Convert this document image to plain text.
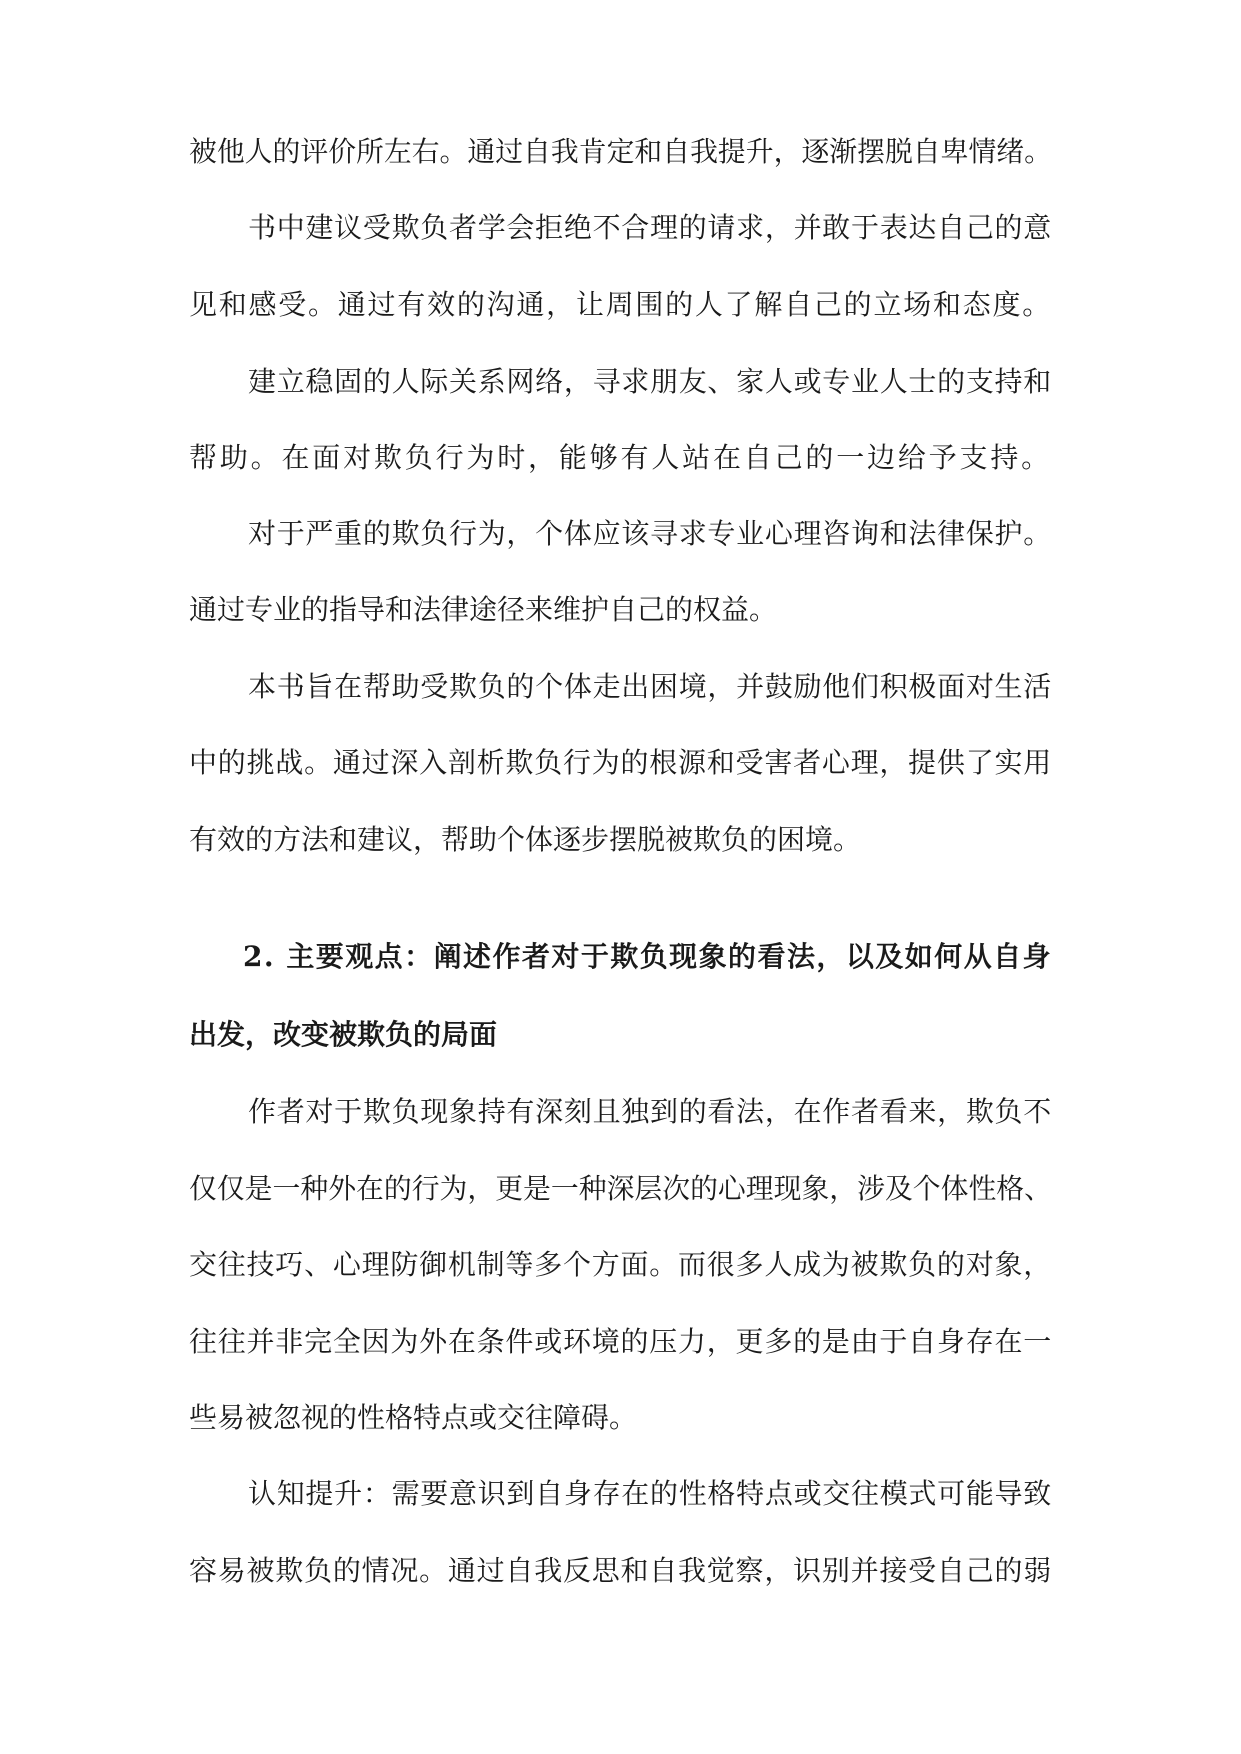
被他人的评价所左右。通过自我肯定和自我提升，逐渐摆脱自卑情绪。
书中建议受欺负者学会拒绝不合理的请求，并敢于表达自己的意
见和感受。通过有效的沟通，让周围的人了解自己的立场和态度。
建立稳固的人际关系网络，寻求朋友、家人或专业人士的支持和
帮助。在面对欺负行为时，能够有人站在自己的一边给予支持。
对于严重的欺负行为，个体应该寻求专业心理咨询和法律保护。
通过专业的指导和法律途径来维护自己的权益。
本书旨在帮助受欺负的个体走出困境，并鼓励他们积极面对生活
中的挑战。通过深入剖析欺负行为的根源和受害者心理，提供了实用
有效的方法和建议，帮助个体逐步摆脱被欺负的困境。
2. 主要观点：阐述作者对于欺负现象的看法，以及如何从自身
出发，改变被欺负的局面
作者对于欺负现象持有深刻且独到的看法，在作者看来，欺负不
仅仅是一种外在的行为，更是一种深层次的心理现象，涉及个体性格、
交往技巧、心理防御机制等多个方面。而很多人成为被欺负的对象，
往往并非完全因为外在条件或环境的压力，更多的是由于自身存在一
些易被忽视的性格特点或交往障碍。
认知提升：需要意识到自身存在的性格特点或交往模式可能导致
容易被欺负的情况。通过自我反思和自我觉察，识别并接受自己的弱
